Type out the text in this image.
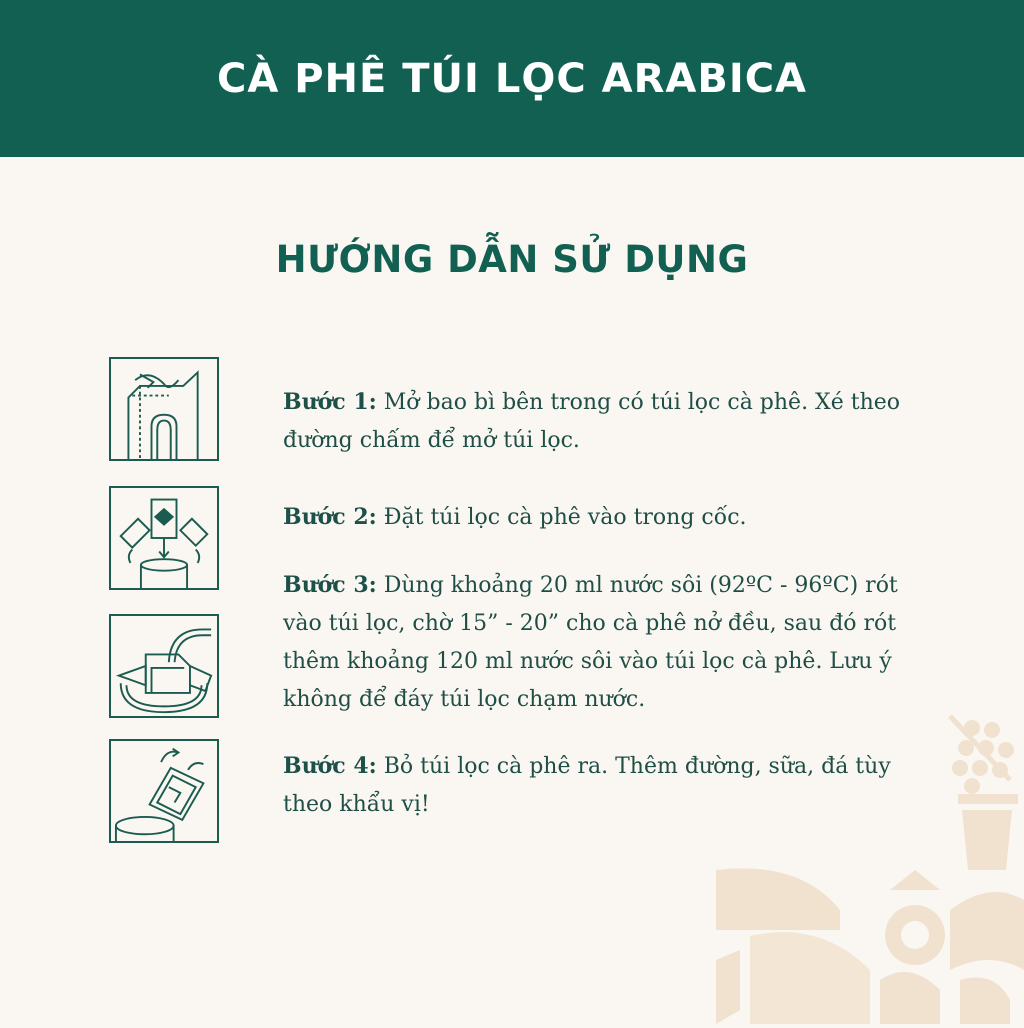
CÀ PHÊ TÚI LỌC ARABICA
HƯỚNG DẪN SỬ DỤNG
Bước 1: Mở bao bì bên trong có túi lọc cà phê. Xé theo đường chấm để mở túi lọc.
Bước 2: Đặt túi lọc cà phê vào trong cốc.
Bước 3: Dùng khoảng 20 ml nước sôi (92ºC - 96ºC) rót vào túi lọc, chờ 15” - 20” cho cà phê nở đều, sau đó rót thêm khoảng 120 ml nước sôi vào túi lọc cà phê. Lưu ý không để đáy túi lọc chạm nước.
Bước 4: Bỏ túi lọc cà phê ra. Thêm đường, sữa, đá tùy theo khẩu vị!
